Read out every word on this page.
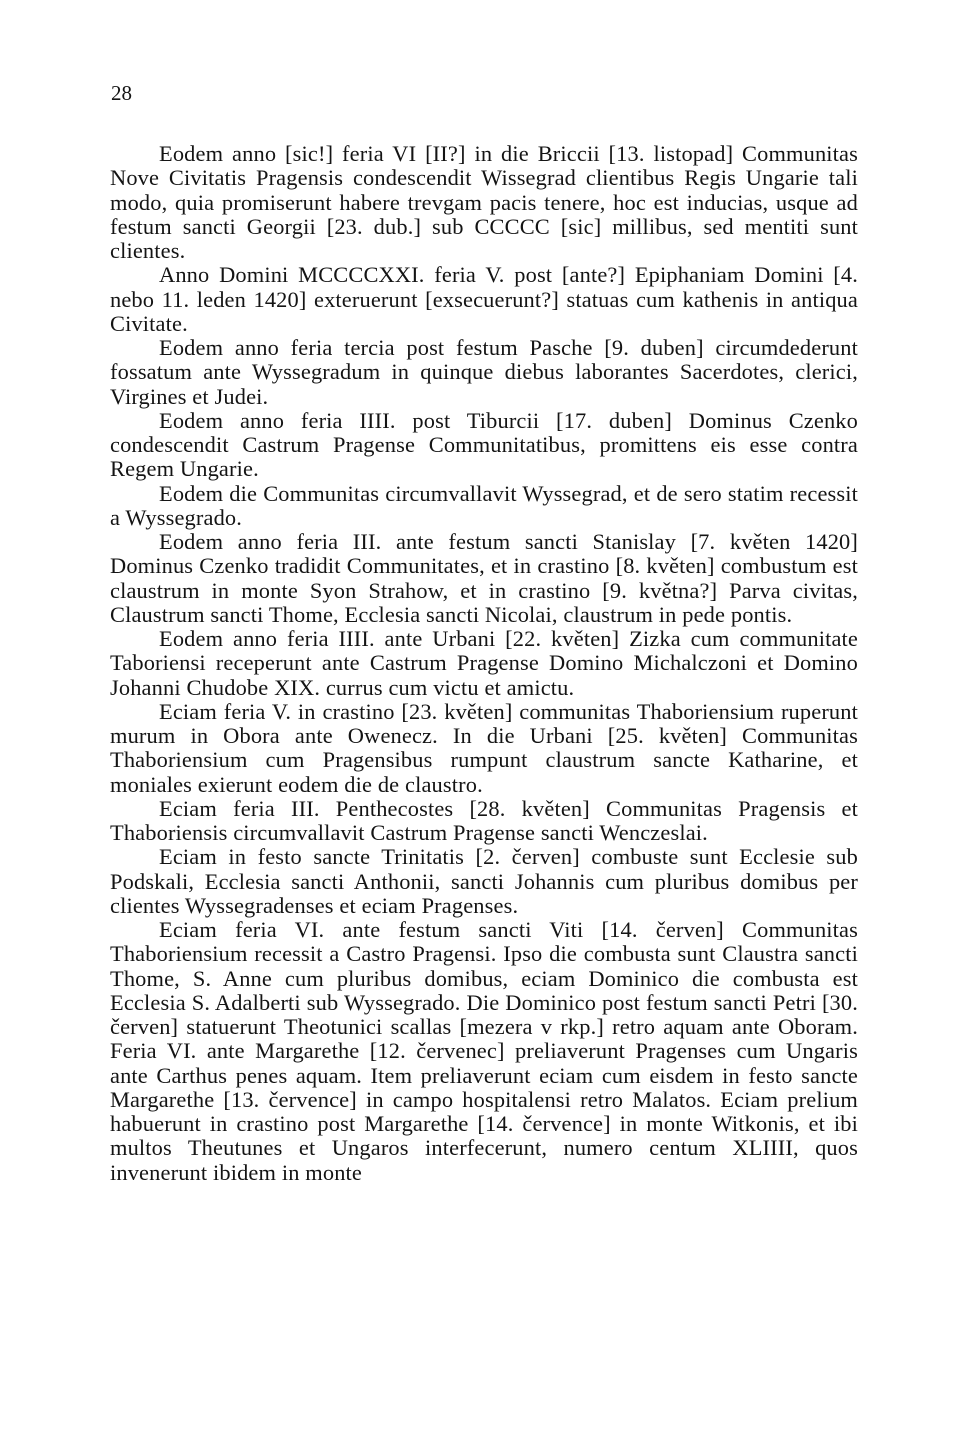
28

Eodem anno [sic!] feria VI [II?] in die Briccii [13. listopad] Communitas Nove Civitatis Pragensis condescendit Wissegrad clientibus Regis Ungarie tali modo, quia promiserunt habere trevgam pacis tenere, hoc est inducias, usque ad festum sancti Georgii [23. dub.] sub CCCCC [sic] millibus, sed mentiti sunt clientes.

Anno Domini MCCCCXXI. feria V. post [ante?] Epiphaniam Domini [4. nebo 11. leden 1420] exteruerunt [exsecuerunt?] statuas cum kathenis in antiqua Civitate.

Eodem anno feria tercia post festum Pasche [9. duben] circumdederunt fossatum ante Wyssegradum in quinque diebus laborantes Sacerdotes, clerici, Virgines et Judei.

Eodem anno feria IIII. post Tiburcii [17. duben] Dominus Czenko condescendit Castrum Pragense Communitatibus, promittens eis esse contra Regem Ungarie.

Eodem die Communitas circumvallavit Wyssegrad, et de sero statim recessit a Wyssegrado.

Eodem anno feria III. ante festum sancti Stanislay [7. květen 1420] Dominus Czenko tradidit Communitates, et in crastino [8. květen] combustum est claustrum in monte Syon Strahow, et in crastino [9. května?] Parva civitas, Claustrum sancti Thome, Ecclesia sancti Nicolai, claustrum in pede pontis.

Eodem anno feria IIII. ante Urbani [22. květen] Zizka cum communitate Taboriensi receperunt ante Castrum Pragense Domino Michalczoni et Domino Johanni Chudobe XIX. currus cum victu et amictu.

Eciam feria V. in crastino [23. květen] communitas Thaboriensium ruperunt murum in Obora ante Owenecz. In die Urbani [25. květen] Communitas Thaboriensium cum Pragensibus rumpunt claustrum sancte Katharine, et moniales exierunt eodem die de claustro.

Eciam feria III. Penthecostes [28. květen] Communitas Pragensis et Thaboriensis circumvallavit Castrum Pragense sancti Wenczeslai.

Eciam in festo sancte Trinitatis [2. červen] combuste sunt Ecclesie sub Podskali, Ecclesia sancti Anthonii, sancti Johannis cum pluribus domibus per clientes Wyssegradenses et eciam Pragenses.

Eciam feria VI. ante festum sancti Viti [14. červen] Communitas Thaboriensium recessit a Castro Pragensi. Ipso die combusta sunt Claustra sancti Thome, S. Anne cum pluribus domibus, eciam Dominico die combusta est Ecclesia S. Adalberti sub Wyssegrado. Die Dominico post festum sancti Petri [30. červen] statuerunt Theotunici scallas [mezera v rkp.] retro aquam ante Oboram. Feria VI. ante Margarethe [12. červenec] preliaverunt Pragenses cum Ungaris ante Carthus penes aquam. Item preliaverunt eciam cum eisdem in festo sancte Margarethe [13. července] in campo hospitalensi retro Malatos. Eciam prelium habuerunt in crastino post Margarethe [14. července] in monte Witkonis, et ibi multos Theutunes et Ungaros interfecerunt, numero centum XLIIII, quos invenerunt ibidem in monte
